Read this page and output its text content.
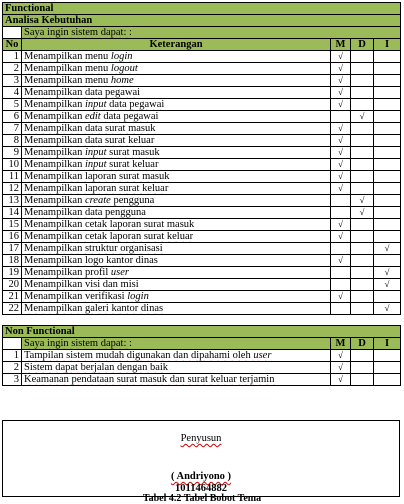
Functional				
Analisa Kebutuhan				
	Saya ingin sistem dapat: :			
No	Keterangan	M	D	I
1	Menampilkan menu login	√		
2	Menampilkan menu logout	√		
3	Menampilkan menu home	√		
4	Menampilkan data pegawai	√		
5	Menampilkan input data pegawai	√		
6	Menampilkan edit data pegawai		√	
7	Menampilkan data surat masuk	√		
8	Menampilkan data surat keluar	√		
9	Menampilkan input surat masuk	√		
10	Menampilkan input surat keluar	√		
11	Menampilkan laporan surat masuk	√		
12	Menampilkan laporan surat keluar	√		
13	Menampilkan create pengguna		√	
14	Menampilkan data pengguna		√	
15	Menampilkan cetak laporan surat masuk	√		
16	Menampilkan cetak laporan surat keluar	√		
17	Menampilkan struktur organisasi			√
18	Menampilkan logo kantor dinas	√		
19	Menampilkan profil user			√
20	Menampilkan visi dan misi			√
21	Menampilkan verifikasi login	√		
22	Menampilkan galeri kantor dinas			√
Non Functional				
	Saya ingin sistem dapat: :	M	D	I
1	Tampilan sistem mudah digunakan dan dipahami oleh user	√		
2	Sistem dapat berjalan dengan baik	√		
3	Keamanan pendataan surat masuk dan surat keluar terjamin	√		
Penyusun
( Andriyono )
1011464882
Tabel 4.2 Tabel Bobot Tema
